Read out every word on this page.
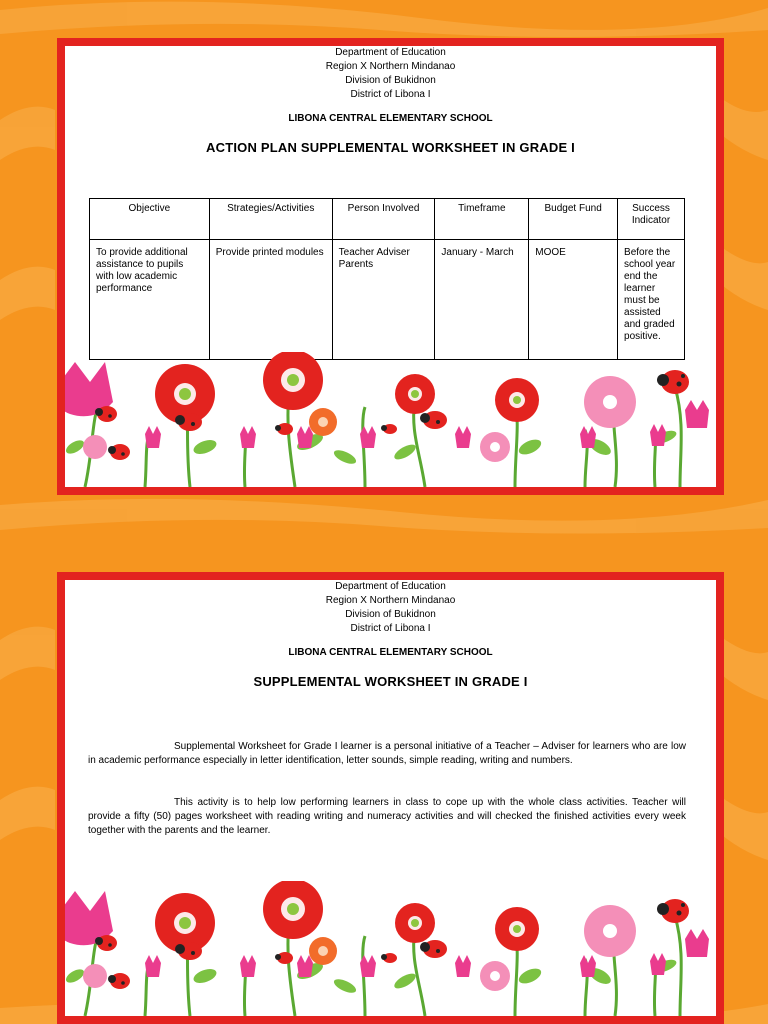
Department of Education
Region X Northern Mindanao
Division of Bukidnon
District of Libona I
LIBONA CENTRAL ELEMENTARY SCHOOL
ACTION PLAN SUPPLEMENTAL WORKSHEET IN GRADE I
Objective	Strategies/Activities	Person Involved	Timeframe	Budget Fund	Success Indicator
To provide additional assistance to pupils with low academic performance	Provide printed modules	Teacher Adviser Parents	January - March	MOOE	Before the school year end the learner must be assisted and graded positive.
Department of Education
Region X Northern Mindanao
Division of Bukidnon
District of Libona I
LIBONA CENTRAL ELEMENTARY SCHOOL
SUPPLEMENTAL WORKSHEET IN GRADE I

Supplemental Worksheet for Grade I learner is a personal initiative of a Teacher – Adviser for learners who are low in academic performance especially in letter identification, letter sounds, simple reading, writing and numbers.

This activity is to help low performing learners in class to cope up with the whole class activities. Teacher will provide a fifty (50) pages worksheet with reading writing and numeracy activities and will checked the finished activities every week together with the parents and the learner.
